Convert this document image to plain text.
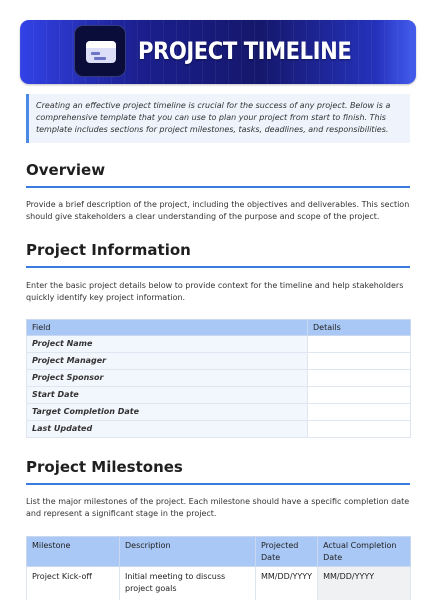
PROJECT TIMELINE
Creating an effective project timeline is crucial for the success of any project. Below is a comprehensive template that you can use to plan your project from start to finish. This template includes sections for project milestones, tasks, deadlines, and responsibilities.
Overview
Provide a brief description of the project, including the objectives and deliverables. This section should give stakeholders a clear understanding of the purpose and scope of the project.
Project Information
Enter the basic project details below to provide context for the timeline and help stakeholders quickly identify key project information.
Field	Details
Project Name	
Project Manager	
Project Sponsor	
Start Date	
Target Completion Date	
Last Updated	
Project Milestones
List the major milestones of the project. Each milestone should have a specific completion date and represent a significant stage in the project.
Milestone	Description	Projected Date	Actual Completion Date
Project Kick-off	Initial meeting to discuss project goals	MM/DD/YYYY	MM/DD/YYYY
